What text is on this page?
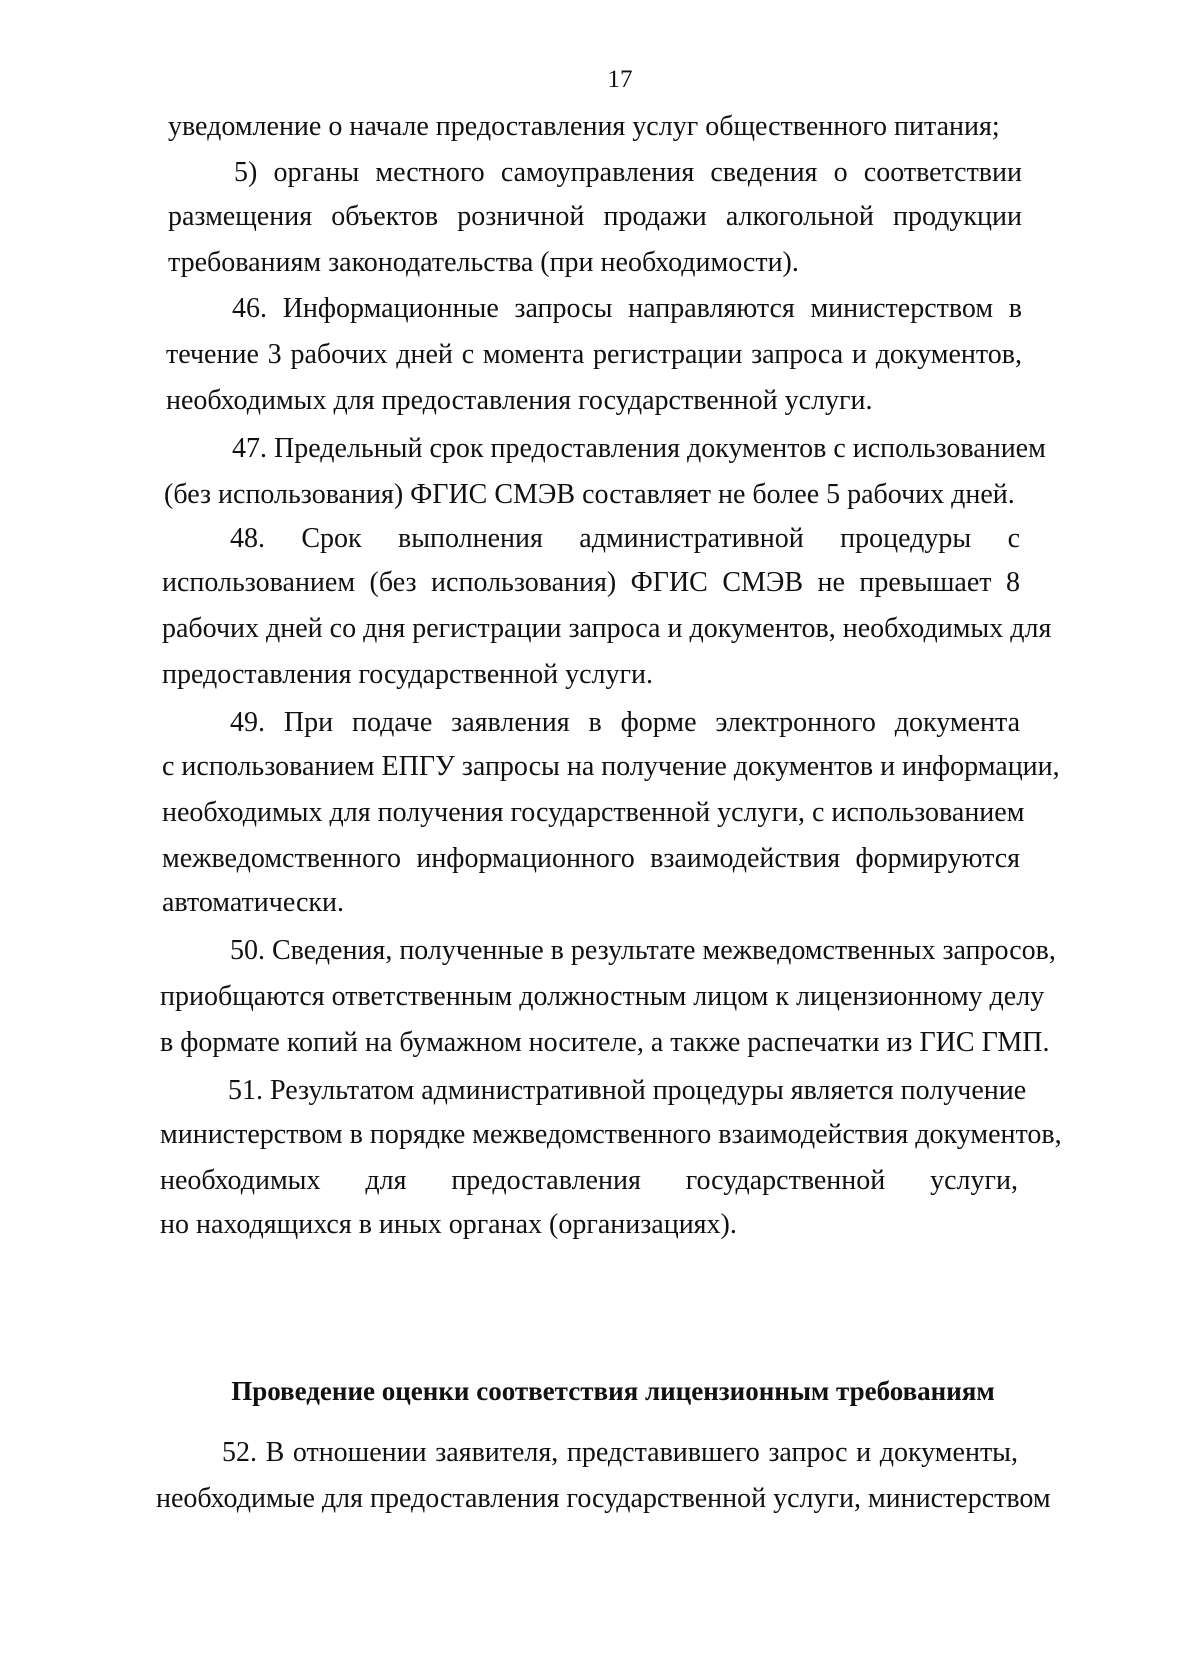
17
уведомление о начале предоставления услуг общественного питания;
5) органы местного самоуправления сведения о соответствии
размещения объектов розничной продажи алкогольной продукции
требованиям законодательства (при необходимости).
46. Информационные запросы направляются министерством в
течение 3 рабочих дней с момента регистрации запроса и документов,
необходимых для предоставления государственной услуги.
47. Предельный срок предоставления документов с использованием
(без использования) ФГИС СМЭВ составляет не более 5 рабочих дней.
48. Срок выполнения административной процедуры с
использованием (без использования) ФГИС СМЭВ не превышает 8
рабочих дней со дня регистрации запроса и документов, необходимых для
предоставления государственной услуги.
49. При подаче заявления в форме электронного документа
с использованием ЕПГУ запросы на получение документов и информации,
необходимых для получения государственной услуги, с использованием
межведомственного информационного взаимодействия формируются
автоматически.
50. Сведения, полученные в результате межведомственных запросов,
приобщаются ответственным должностным лицом к лицензионному делу
в формате копий на бумажном носителе, а также распечатки из ГИС ГМП.
51. Результатом административной процедуры является получение
министерством в порядке межведомственного взаимодействия документов,
необходимых для предоставления государственной услуги,
но находящихся в иных органах (организациях).
Проведение оценки соответствия лицензионным требованиям
52. В отношении заявителя, представившего запрос и документы,
необходимые для предоставления государственной услуги, министерством
